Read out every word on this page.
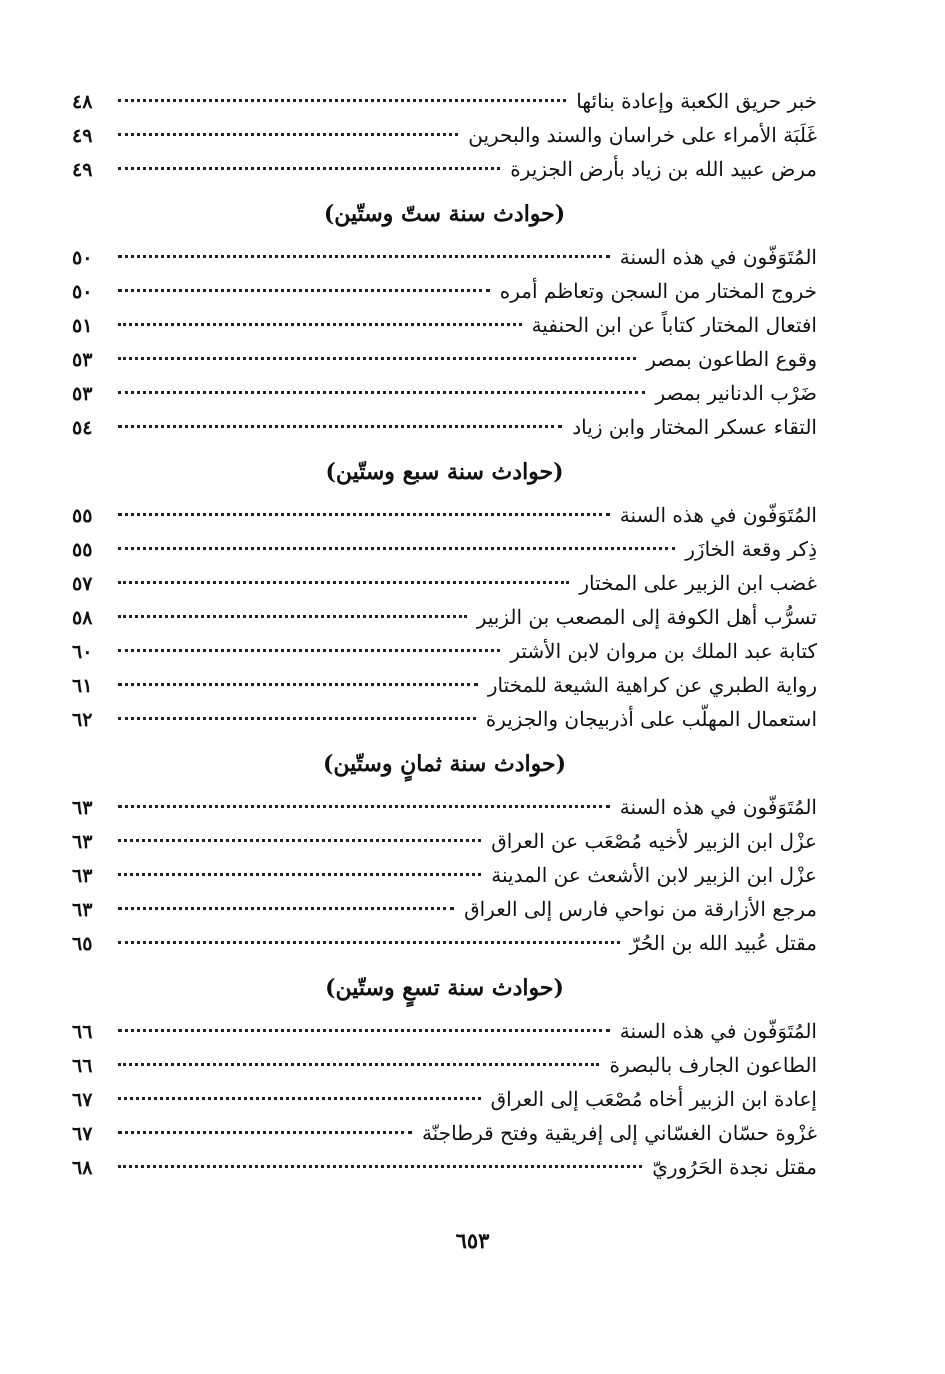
خبر حريق الكعبة وإعادة بنائها
٤٨
غَلَبَة الأمراء على خراسان والسند والبحرين
٤٩
مرض عبيد الله بن زياد بأرض الجزيرة
٤٩
(حوادث سنة ستّ وستّين)
المُتَوَفّون في هذه السنة
٥٠
خروج المختار من السجن وتعاظم أمره
٥٠
افتعال المختار كتاباً عن ابن الحنفية
٥١
وقوع الطاعون بمصر
٥٣
ضَرْب الدنانير بمصر
٥٣
التقاء عسكر المختار وابن زياد
٥٤
(حوادث سنة سبع وستّين)
المُتَوَفّون في هذه السنة
٥٥
ذِكر وقعة الخازَر
٥٥
غضب ابن الزبير على المختار
٥٧
تسرُّب أهل الكوفة إلى المصعب بن الزبير
٥٨
كتابة عبد الملك بن مروان لابن الأشتر
٦٠
رواية الطبري عن كراهية الشيعة للمختار
٦١
استعمال المهلّب على أذربيجان والجزيرة
٦٢
(حوادث سنة ثمانٍ وستّين)
المُتَوَفّون في هذه السنة
٦٣
عزْل ابن الزبير لأخيه مُصْعَب عن العراق
٦٣
عزْل ابن الزبير لابن الأشعث عن المدينة
٦٣
مرجع الأزارقة من نواحي فارس إلى العراق
٦٣
مقتل عُبيد الله بن الحُرّ
٦٥
(حوادث سنة تسعٍ وستّين)
المُتَوَفّون في هذه السنة
٦٦
الطاعون الجارف بالبصرة
٦٦
إعادة ابن الزبير أخاه مُصْعَب إلى العراق
٦٧
غزْوة حسّان الغسّاني إلى إفريقية وفتح قرطاجنّة
٦٧
مقتل نجدة الحَرُوريّ
٦٨
٦٥٣
